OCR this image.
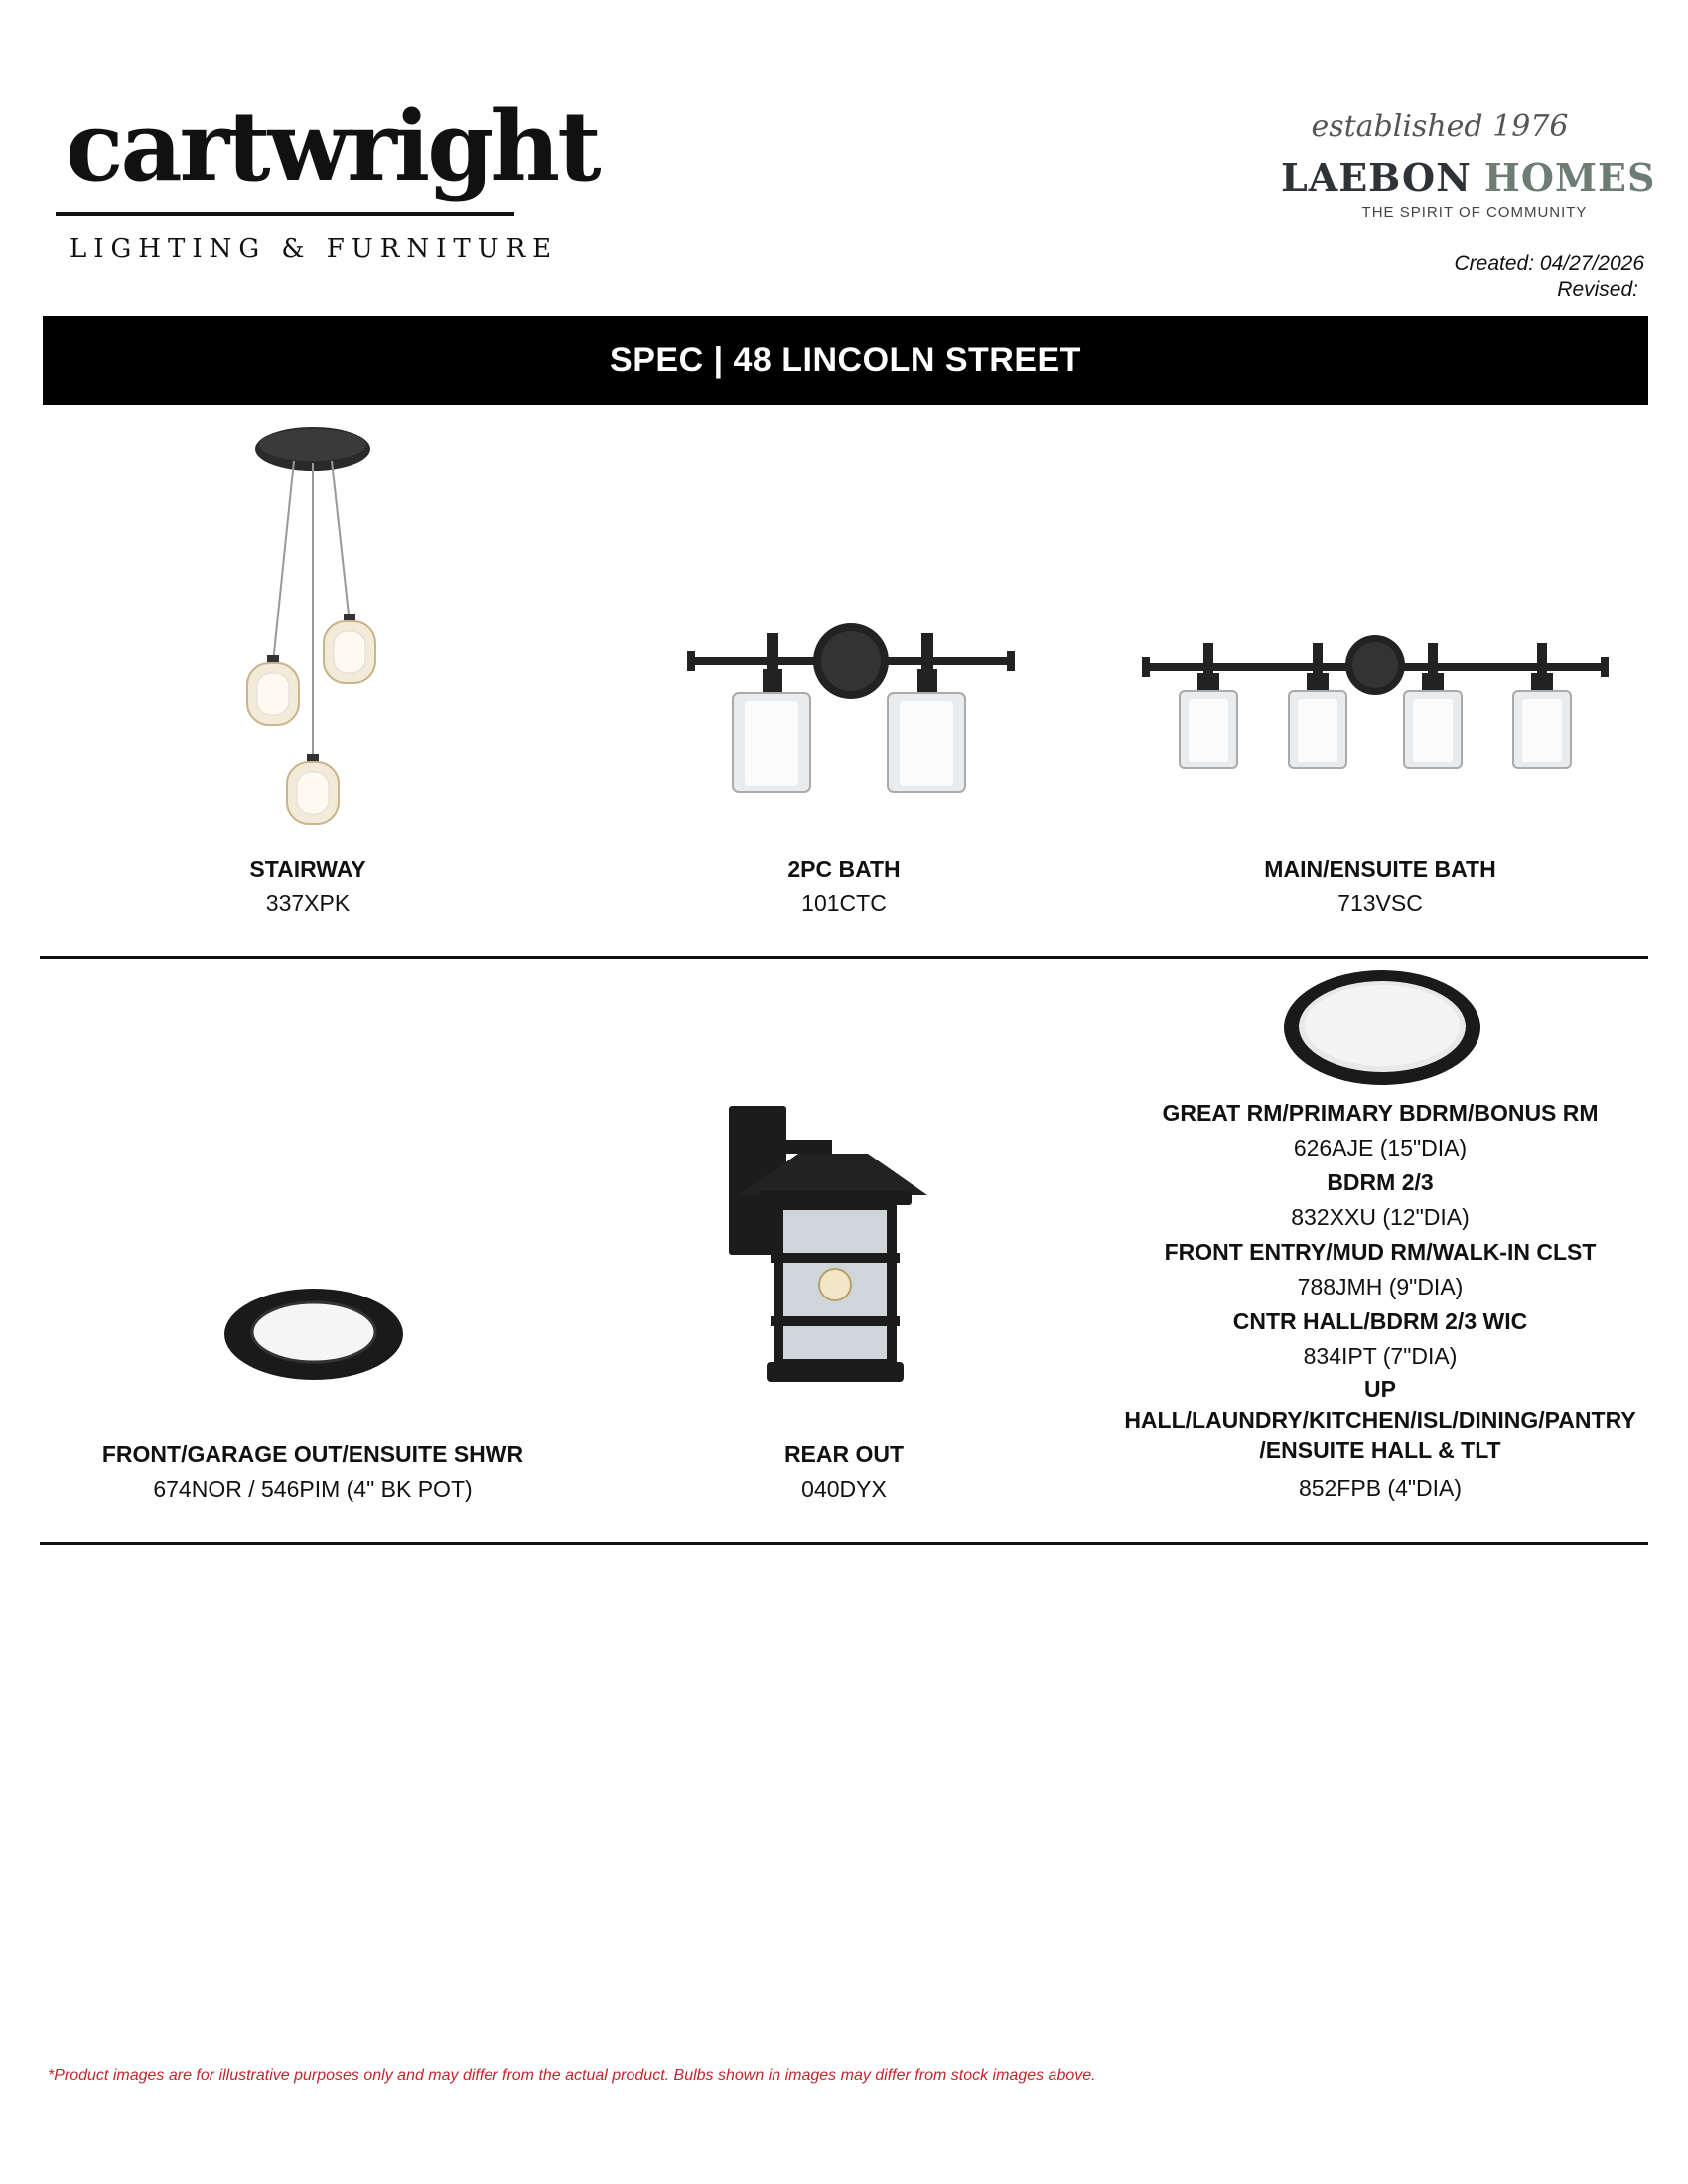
cartwright
LIGHTING & FURNITURE
established 1976
LAEBON HOMES
THE SPIRIT OF COMMUNITY
Created: 04/27/2026
Revised:
SPEC | 48 LINCOLN STREET
STAIRWAY
337XPK
2PC BATH
101CTC
MAIN/ENSUITE BATH
713VSC
GREAT RM/PRIMARY BDRM/BONUS RM
626AJE (15"DIA)
BDRM 2/3
832XXU (12"DIA)
FRONT ENTRY/MUD RM/WALK-IN CLST
788JMH (9"DIA)
CNTR HALL/BDRM 2/3 WIC
834IPT (7"DIA)
UP
HALL/LAUNDRY/KITCHEN/ISL/DINING/PANTRY
/ENSUITE HALL & TLT
852FPB (4"DIA)
FRONT/GARAGE OUT/ENSUITE SHWR
674NOR / 546PIM (4" BK POT)
REAR OUT
040DYX
*Product images are for illustrative purposes only and may differ from the actual product. Bulbs shown in images may differ from stock images above.
